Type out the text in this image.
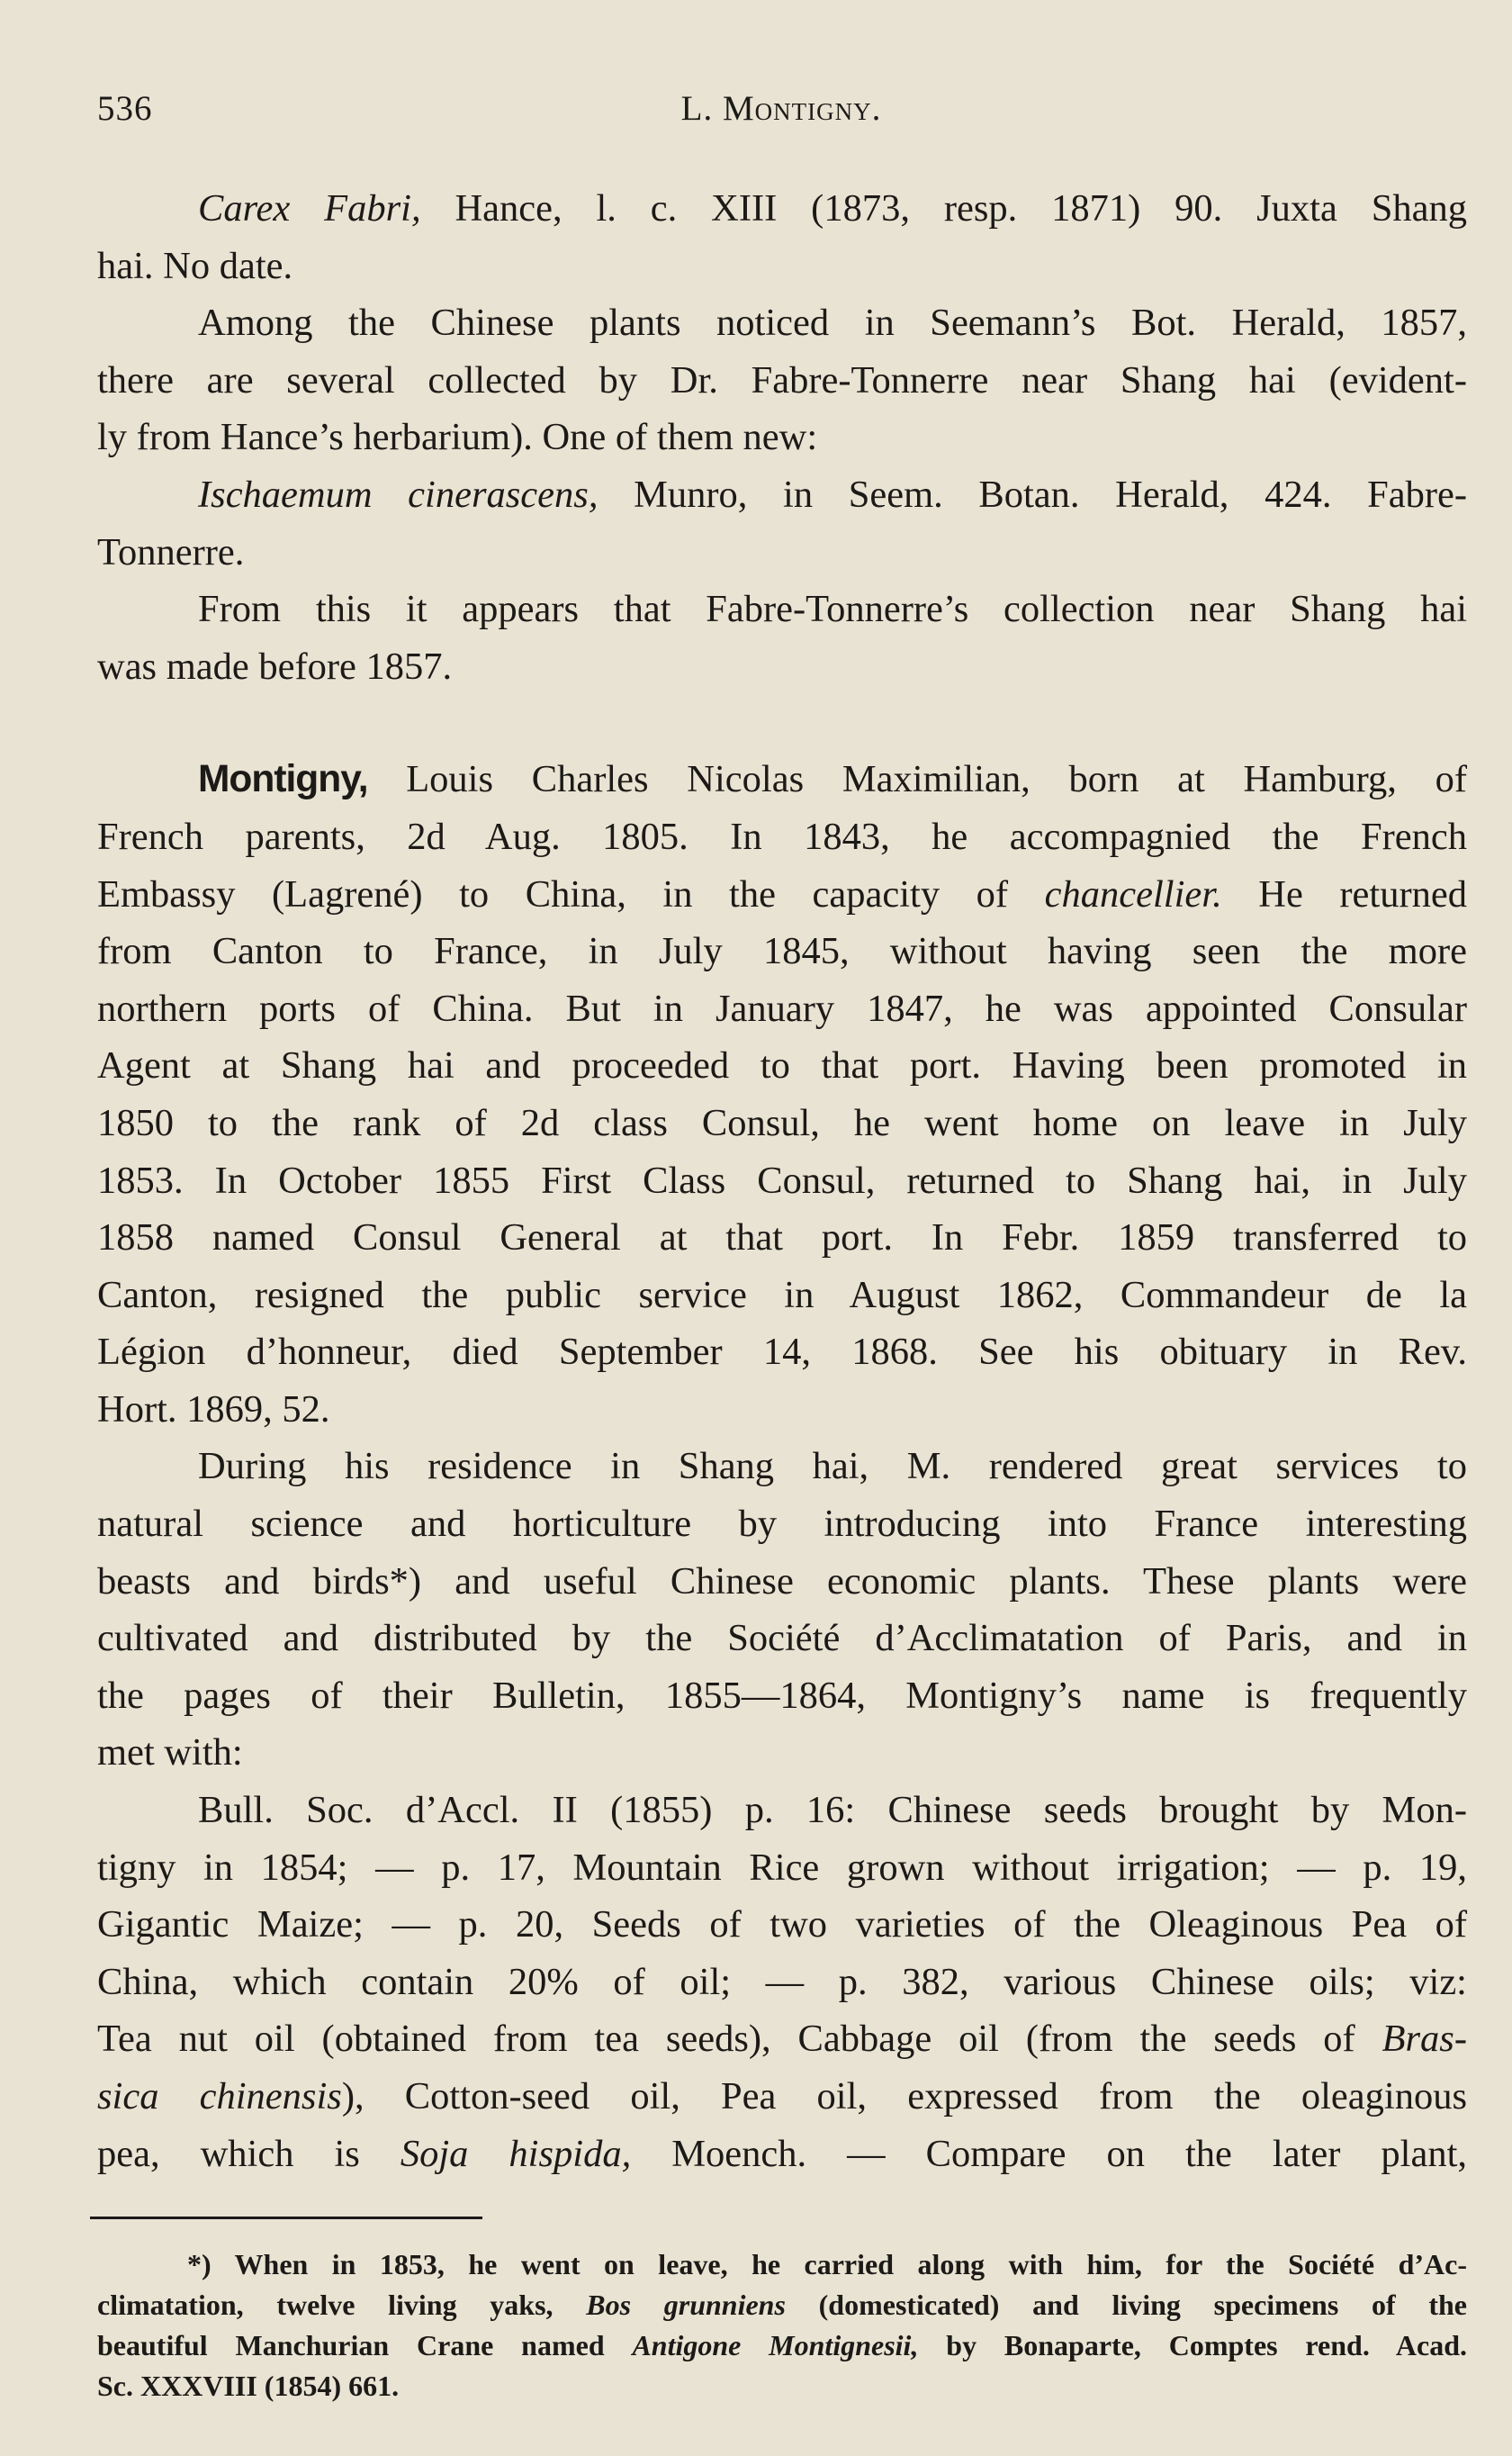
536	L. Montigny.
Carex Fabri, Hance, l. c. XIII (1873, resp. 1871) 90. Juxta Shang
hai. No date.
Among the Chinese plants noticed in Seemann’s Bot. Herald, 1857,
there are several collected by Dr. Fabre-Tonnerre near Shang hai (evident-
ly from Hance’s herbarium). One of them new:
Ischaemum cinerascens, Munro, in Seem. Botan. Herald, 424. Fabre-
Tonnerre.
From this it appears that Fabre-Tonnerre’s collection near Shang hai
was made before 1857.
Montigny, Louis Charles Nicolas Maximilian, born at Hamburg, of
French parents, 2d Aug. 1805. In 1843, he accompagnied the French
Embassy (Lagrené) to China, in the capacity of chancellier. He returned
from Canton to France, in July 1845, without having seen the more
northern ports of China. But in January 1847, he was appointed Consular
Agent at Shang hai and proceeded to that port. Having been promoted in
1850 to the rank of 2d class Consul, he went home on leave in July
1853. In October 1855 First Class Consul, returned to Shang hai, in July
1858 named Consul General at that port. In Febr. 1859 transferred to
Canton, resigned the public service in August 1862, Commandeur de la
Légion d’honneur, died September 14, 1868. See his obituary in Rev.
Hort. 1869, 52.
During his residence in Shang hai, M. rendered great services to
natural science and horticulture by introducing into France interesting
beasts and birds*) and useful Chinese economic plants. These plants were
cultivated and distributed by the Société d’Acclimatation of Paris, and in
the pages of their Bulletin, 1855—1864, Montigny’s name is frequently
met with:
Bull. Soc. d’Accl. II (1855) p. 16: Chinese seeds brought by Mon-
tigny in 1854; — p. 17, Mountain Rice grown without irrigation; — p. 19,
Gigantic Maize; — p. 20, Seeds of two varieties of the Oleaginous Pea of
China, which contain 20% of oil; — p. 382, various Chinese oils; viz:
Tea nut oil (obtained from tea seeds), Cabbage oil (from the seeds of Bras-
sica chinensis), Cotton-seed oil, Pea oil, expressed from the oleaginous
pea, which is Soja hispida, Moench. — Compare on the later plant,
*) When in 1853, he went on leave, he carried along with him, for the Société d’Ac-
climatation, twelve living yaks, Bos grunniens (domesticated) and living specimens of the
beautiful Manchurian Crane named Antigone Montignesii, by Bonaparte, Comptes rend. Acad.
Sc. XXXVIII (1854) 661.
